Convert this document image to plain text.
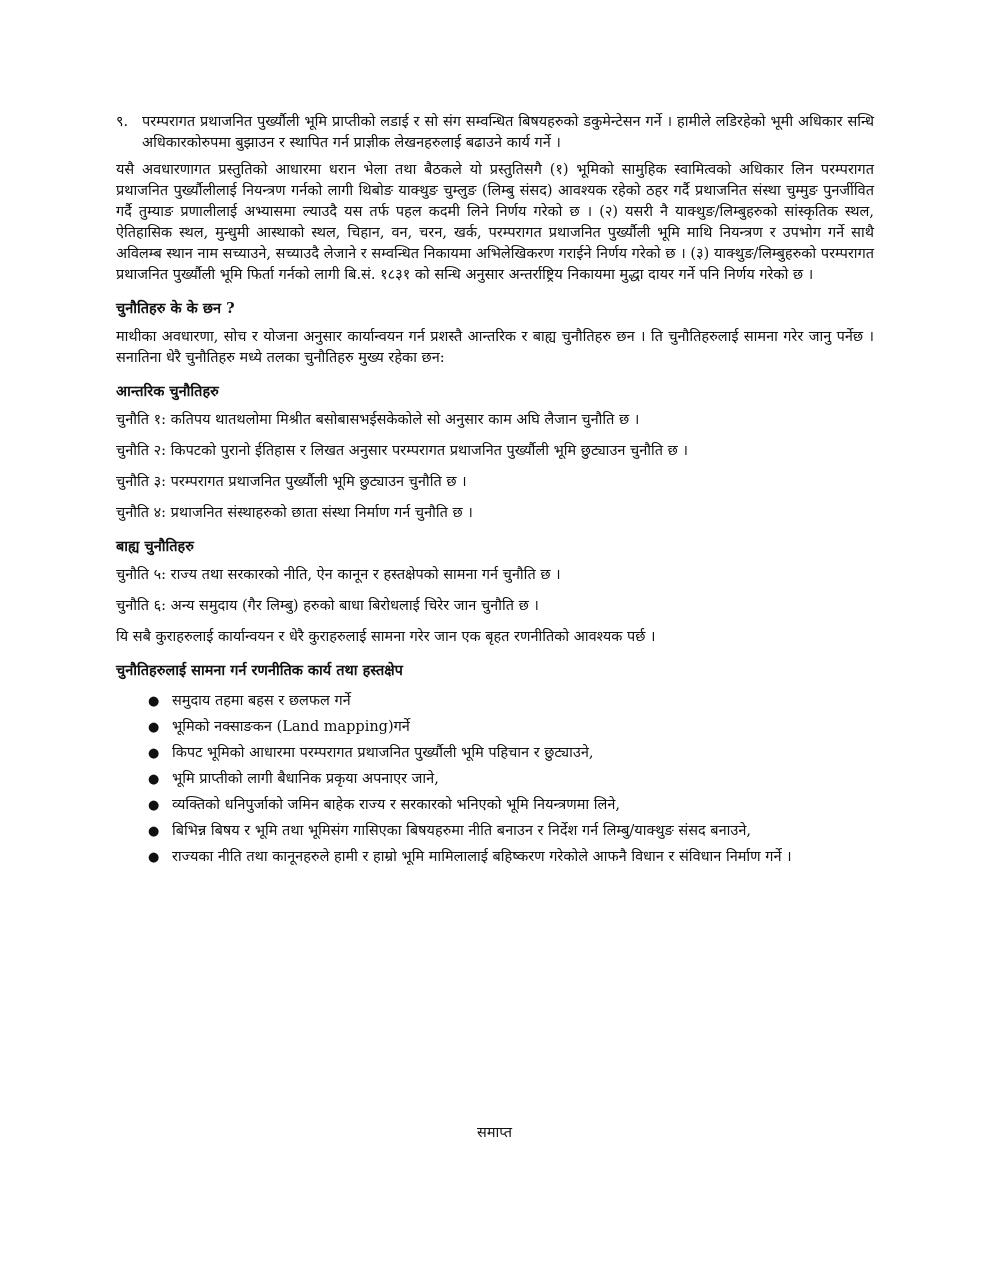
९. परम्परागत प्रथाजनित पुर्ख्यौली भूमि प्राप्तीको लडाई र सो संग सम्वन्धित बिषयहरुको डकुमेन्टेसन गर्ने । हामीले लडिरहेको भूमी अधिकार सन्धि अधिकारकोरुपमा बुझाउन र स्थापित गर्न प्राज्ञीक लेखनहरुलाई बढाउने कार्य गर्ने ।

यसै अवधारणागत प्रस्तुतिको आधारमा धरान भेला तथा बैठकले यो प्रस्तुतिसगै (१) भूमिको सामुहिक स्वामित्वको अधिकार लिन परम्परागत प्रथाजनित पुर्ख्यौलीलाई नियन्त्रण गर्नको लागी थिबोङ याक्थुङ चुम्लुङ (लिम्बु संसद) आवश्यक रहेको ठहर गर्दै प्रथाजनित संस्था चुम्मुङ पुनर्जीवित गर्दै तुम्याङ प्रणालीलाई अभ्यासमा ल्याउदै यस तर्फ पहल कदमी लिने निर्णय गरेको छ । (२) यसरी नै याक्थुङ/लिम्बुहरुको सांस्कृतिक स्थल, ऐतिहासिक स्थल, मुन्धुमी आस्थाको स्थल, चिहान, वन, चरन, खर्क, परम्परागत प्रथाजनित पुर्ख्यौली भूमि माथि नियन्त्रण र उपभोग गर्ने साथै अविलम्ब स्थान नाम सच्याउने, सच्याउदै लेजाने र सम्वन्धित निकायमा अभिलेखिकरण गराईने निर्णय गरेको छ । (३) याक्थुङ/लिम्बुहरुको परम्परागत प्रथाजनित पुर्ख्यौली भूमि फिर्ता गर्नको लागी बि.सं. १८३१ को सन्धि अनुसार अन्तर्राष्ट्रिय निकायमा मुद्धा दायर गर्ने पनि निर्णय गरेको छ ।

चुनौतिहरु के के छन ?

माथीका अवधारणा, सोच र योजना अनुसार कार्यान्वयन गर्न प्रशस्तै आन्तरिक र बाह्य चुनौतिहरु छन । ति चुनौतिहरुलाई सामना गरेर जानु पर्नेछ । सनातिना धेरै चुनौतिहरु मध्ये तलका चुनौतिहरु मुख्य रहेका छन:

आन्तरिक चुनौतिहरु
चुनौति १: कतिपय थातथलोमा मिश्रीत बसोबासभईसकेकोले सो अनुसार काम अघि लैजान चुनौति छ ।
चुनौति २: किपटको पुरानो ईतिहास र लिखत अनुसार परम्परागत प्रथाजनित पुर्ख्यौली भूमि छुट्याउन चुनौति छ ।
चुनौति ३: परम्परागत प्रथाजनित पुर्ख्यौली भूमि छुट्याउन चुनौति छ ।
चुनौति ४: प्रथाजनित संस्थाहरुको छाता संस्था निर्माण गर्न चुनौति छ ।
बाह्य चुनौतिहरु
चुनौति ५: राज्य तथा सरकारको नीति, ऐन कानून र हस्तक्षेपको सामना गर्न चुनौति छ ।
चुनौति ६: अन्य समुदाय (गैर लिम्बु) हरुको बाधा बिरोधलाई चिरेर जान चुनौति छ ।
यि सबै कुराहरुलाई कार्यान्वयन र धेरै कुराहरुलाई सामना गरेर जान एक बृहत रणनीतिको आवश्यक पर्छ ।
चुनौतिहरुलाई सामना गर्न रणनीतिक कार्य तथा हस्तक्षेप
● समुदाय तहमा बहस र छलफल गर्ने
● भूमिको नक्साङकन (Land mapping)गर्ने
● किपट भूमिको आधारमा परम्परागत प्रथाजनित पुर्ख्यौली भूमि पहिचान र छुट्याउने,
● भूमि प्राप्तीको लागी बैधानिक प्रकृया अपनाएर जाने,
● व्यक्तिको धनिपुर्जाको जमिन बाहेक राज्य र सरकारको भनिएको भूमि नियन्त्रणमा लिने,
● बिभिन्न बिषय र भूमि तथा भूमिसंग गासिएका बिषयहरुमा नीति बनाउन र निर्देश गर्न लिम्बु/याक्थुङ संसद बनाउने,
● राज्यका नीति तथा कानूनहरुले हामी र हाम्रो भूमि मामिलालाई बहिष्करण गरेकोले आफनै विधान र संविधान निर्माण गर्ने ।
समाप्त
